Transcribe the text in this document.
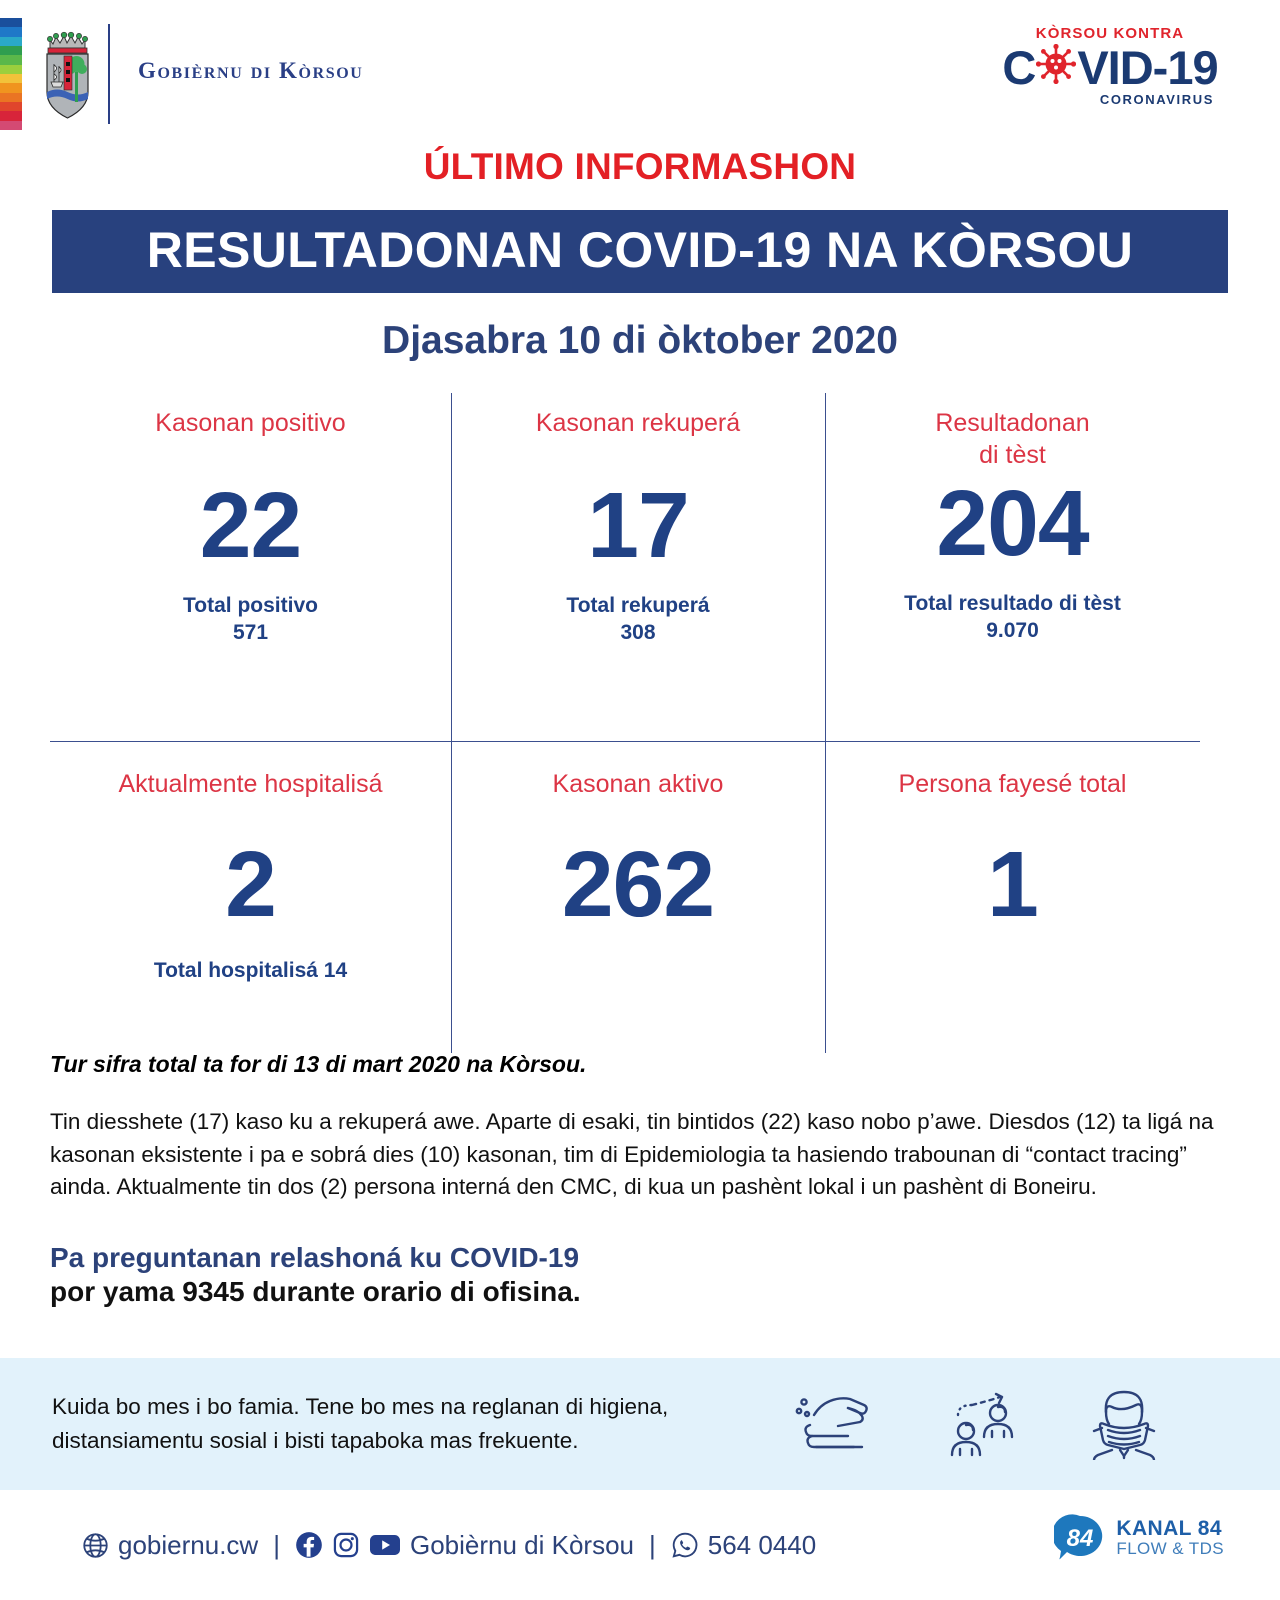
Gobièrnu di Kòrsou
KÒRSOU KONTRA
C VID-19
CORONAVIRUS
ÚLTIMO INFORMASHON
RESULTADONAN COVID-19 NA KÒRSOU
Djasabra 10 di òktober 2020
Kasonan positivo
22
Total positivo
571
Kasonan rekuperá
17
Total rekuperá
308
Resultadonan
di tèst
204
Total resultado di tèst
9.070
Aktualmente hospitalisá
2
Total hospitalisá 14
Kasonan aktivo
262
Persona fayesé total
1
Tur sifra total ta for di 13 di mart 2020 na Kòrsou.
Tin diesshete (17) kaso ku a rekuperá awe. Aparte di esaki, tin bintidos (22) kaso nobo p’awe. Diesdos (12) ta ligá na kasonan eksistente i pa e sobrá dies (10) kasonan, tim di Epidemiologia ta hasiendo trabounan di “contact tracing” ainda. Aktualmente tin dos (2) persona interná den CMC, di kua un pashènt lokal i un pashènt di Boneiru.
Pa preguntanan relashoná ku COVID-19
por yama 9345 durante orario di ofisina.
Kuida bo mes i bo famia. Tene bo mes na reglanan di higiena, distansiamentu sosial i bisti tapaboka mas frekuente.
gobiernu.cw |	Gobièrnu di Kòrsou | 564 0440	84 KANAL 84
FLOW & TDS
